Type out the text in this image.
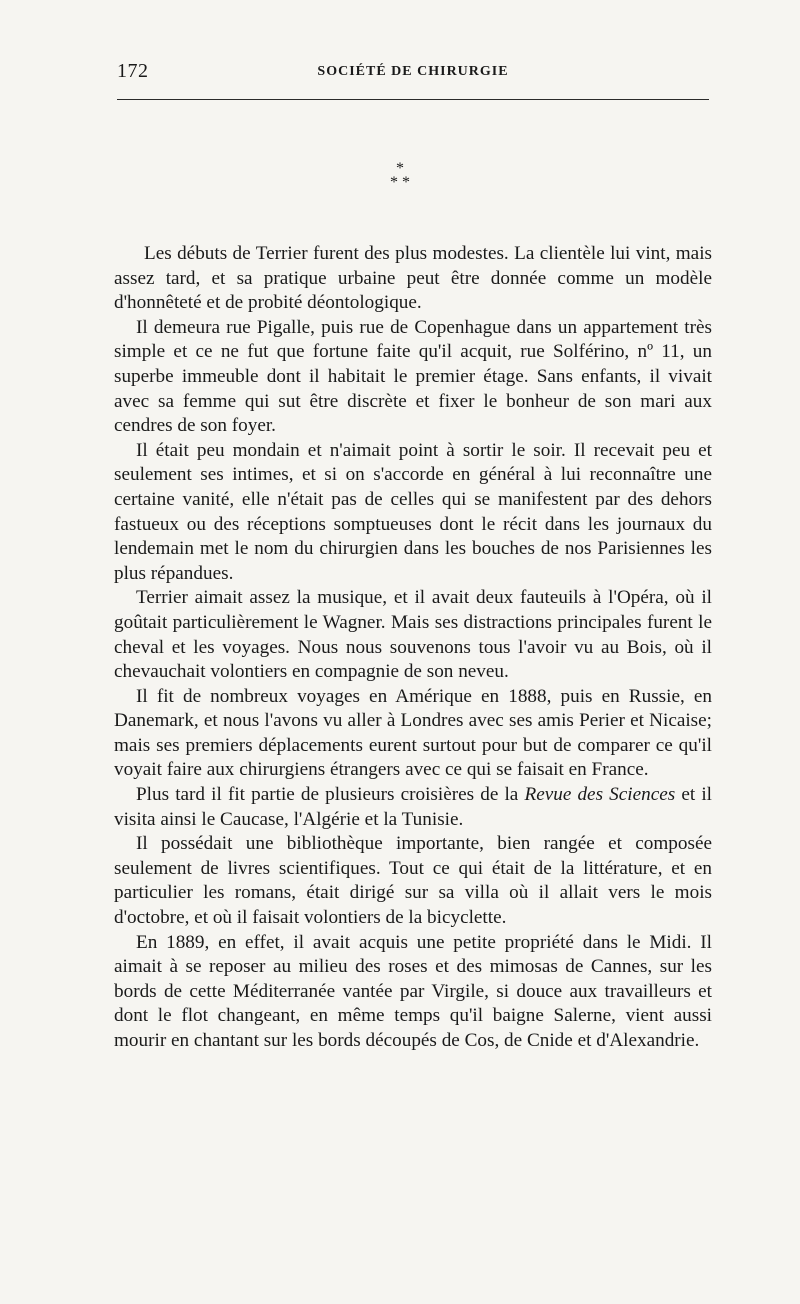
172	SOCIÉTÉ DE CHIRURGIE
*
* *

Les débuts de Terrier furent des plus modestes. La clientèle lui vint, mais assez tard, et sa pratique urbaine peut être donnée comme un modèle d'honnêteté et de probité déontologique.

Il demeura rue Pigalle, puis rue de Copenhague dans un appartement très simple et ce ne fut que fortune faite qu'il acquit, rue Solférino, nº 11, un superbe immeuble dont il habitait le premier étage. Sans enfants, il vivait avec sa femme qui sut être discrète et fixer le bonheur de son mari aux cendres de son foyer.

Il était peu mondain et n'aimait point à sortir le soir. Il recevait peu et seulement ses intimes, et si on s'accorde en général à lui reconnaître une certaine vanité, elle n'était pas de celles qui se manifestent par des dehors fastueux ou des réceptions somptueuses dont le récit dans les journaux du lendemain met le nom du chirurgien dans les bouches de nos Parisiennes les plus répandues.

Terrier aimait assez la musique, et il avait deux fauteuils à l'Opéra, où il goûtait particulièrement le Wagner. Mais ses distractions principales furent le cheval et les voyages. Nous nous souvenons tous l'avoir vu au Bois, où il chevauchait volontiers en compagnie de son neveu.

Il fit de nombreux voyages en Amérique en 1888, puis en Russie, en Danemark, et nous l'avons vu aller à Londres avec ses amis Perier et Nicaise; mais ses premiers déplacements eurent surtout pour but de comparer ce qu'il voyait faire aux chirurgiens étrangers avec ce qui se faisait en France.

Plus tard il fit partie de plusieurs croisières de la Revue des Sciences et il visita ainsi le Caucase, l'Algérie et la Tunisie.

Il possédait une bibliothèque importante, bien rangée et composée seulement de livres scientifiques. Tout ce qui était de la littérature, et en particulier les romans, était dirigé sur sa villa où il allait vers le mois d'octobre, et où il faisait volontiers de la bicyclette.

En 1889, en effet, il avait acquis une petite propriété dans le Midi. Il aimait à se reposer au milieu des roses et des mimosas de Cannes, sur les bords de cette Méditerranée vantée par Virgile, si douce aux travailleurs et dont le flot changeant, en même temps qu'il baigne Salerne, vient aussi mourir en chantant sur les bords découpés de Cos, de Cnide et d'Alexandrie.
